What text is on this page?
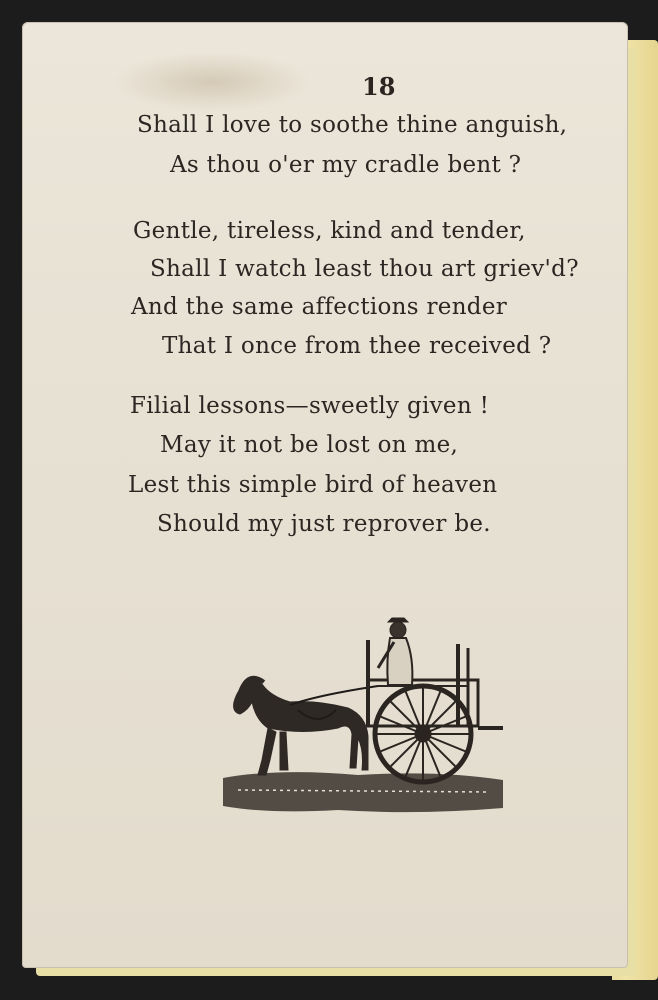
18
Shall I love to soothe thine anguish,
As thou o'er my cradle bent ?
Gentle, tireless, kind and tender,
Shall I watch least thou art griev'd?
And the same affections render
That I once from thee received ?
Filial lessons—sweetly given !
May it not be lost on me,
Lest this simple bird of heaven
Should my just reprover be.
